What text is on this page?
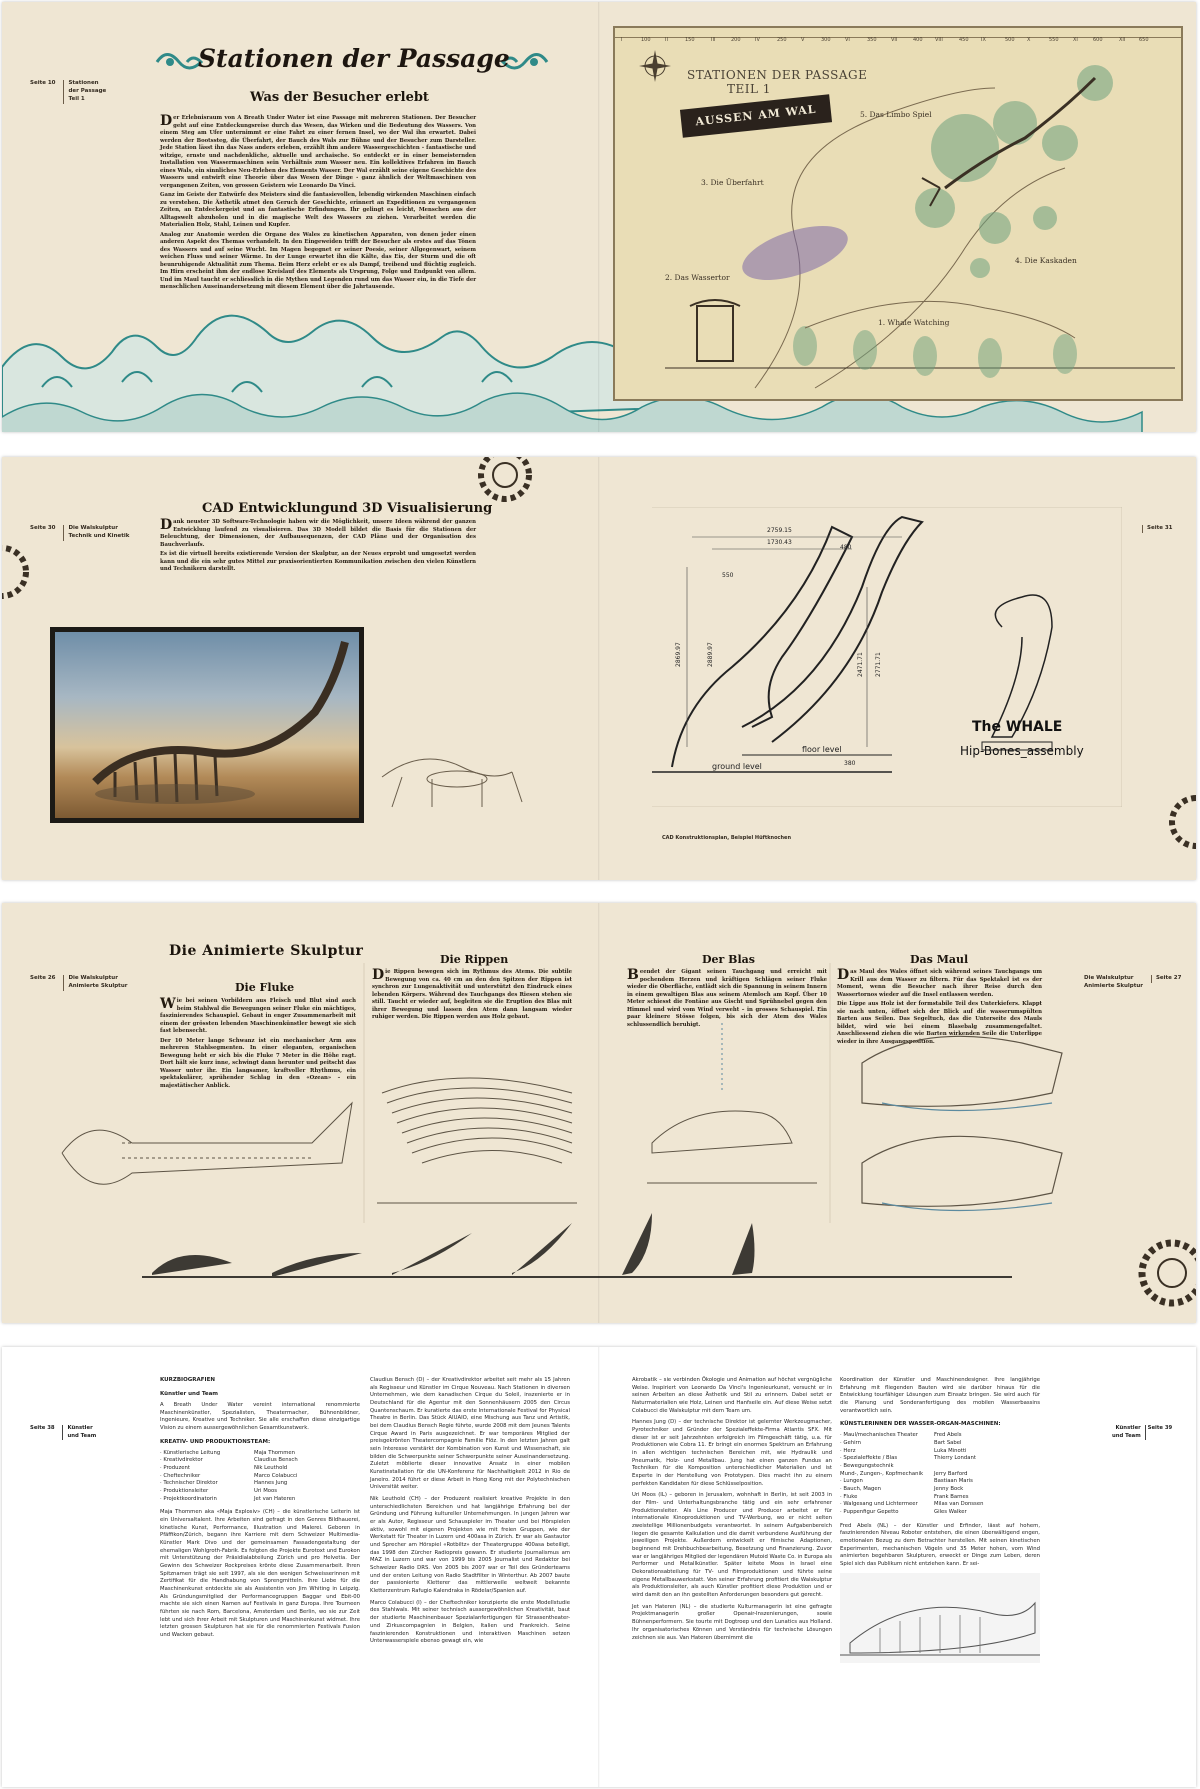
Seite 10 Stationen
der Passage
Teil 1
Stationen der Passage
Was der Besucher erlebt

Der Erlebnisraum von A Breath Under Water ist eine Passage mit mehreren Stationen. Der Besucher geht auf eine Entdeckungsreise durch das Wesen, das Wirken und die Bedeutung des Wassers. Von einem Steg am Ufer unternimmt er eine Fahrt zu einer fernen Insel, wo der Wal ihn erwartet. Dabei werden der Bootssteg, die Überfahrt, der Bauch des Wals zur Bühne und der Besucher zum Darsteller. Jede Station lässt ihn das Nass anders erleben, erzählt ihm andere Wassergeschichten - fantastische und witzige, ernste und nachdenkliche, aktuelle und archaische. So entdeckt er in einer bemeisternden Installation von Wassermaschinen sein Verhältnis zum Wasser neu. Ein kollektives Erfahren im Bauch eines Wals, ein sinnliches Neu-Erleben des Elements Wasser. Der Wal erzählt seine eigene Geschichte des Wassers und entwirft eine Theorie über das Wesen der Dinge - ganz ähnlich der Weltmaschinen von vergangenen Zeiten, von grossen Geistern wie Leonardo Da Vinci.

Ganz im Geiste der Entwürfe des Meisters sind die fantasievollen, lebendig wirkenden Maschinen einfach zu verstehen. Die Ästhetik atmet den Geruch der Geschichte, erinnert an Expeditionen zu vergangenen Zeiten, an Entdeckergeist und an fantastische Erfindungen. Ihr gelingt es leicht, Menschen aus der Alltagswelt abzuholen und in die magische Welt des Wassers zu ziehen. Verarbeitet werden die Materialien Holz, Stahl, Leinen und Kupfer.

Analog zur Anatomie werden die Organe des Wales zu kinetischen Apparaten, von denen jeder einen anderen Aspekt des Themas verhandelt. In den Eingeweiden trifft der Besucher als erstes auf das Tönen des Wassers und auf seine Wucht. Im Magen begegnet er seiner Poesie, seiner Allgegenwart, seinem weichen Fluss und seiner Wärme. In der Lunge erwartet ihn die Kälte, das Eis, der Sturm und die oft beunruhigende Aktualität zum Thema. Beim Herz erlebt er es als Dampf, treibend und flüchtig zugleich. Im Hirn erscheint ihm der endlose Kreislauf des Elements als Ursprung, Folge und Endpunkt von allem. Und im Maul taucht er schliesslich in die Mythen und Legenden rund um das Wasser ein, in die Tiefe der menschlichen Auseinandersetzung mit diesem Element über die Jahrtausende.

I	100	II	150	III	200	IV	250	V	300	VI	350	VII	400 VIII	450 IX	500 X	550	XI	600	XII	650
STATIONEN DER PASSAGE
TEIL 1
AUSSEN AM WAL
1. Whale Watching
2. Das Wassertor
3. Die Überfahrt
4. Die Kaskaden
5. Das Limbo Spiel
Seite 30 Die Walskulptur
Technik und Kinetik
Seite 31
CAD Entwicklungund 3D Visualisierung

Dank neuster 3D Software-Technologie haben wir die Möglichkeit, unsere Ideen während der ganzen Entwicklung laufend zu visualisieren. Das 3D Modell bildet die Basis für die Stationen der Beleuchtung, der Dimensionen, der Aufbausequenzen, der CAD Pläne und der Organisation des Bauchverlaufs.

Es ist die virtuell bereits existierende Version der Skulptur, an der Neues erprobt und umgesetzt werden kann und die ein sehr gutes Mittel zur praxisorientierten Kommunikation zwischen den vielen Künstlern und Technikern darstellt.

2759.15
1730.43
480
550
2869.97	2889.97	2471.71 2771.71
380
floor level
ground level
The WHALE
Hip-Bones_assembly
CAD Konstruktionsplan, Beispiel Hüftknochen
Seite 26 Die Walskulptur
Animierte Skulptur
Die Walskulptur
Animierte Skulptur Seite 27
Die Animierte Skulptur
Die Fluke

Wie bei seinen Vorbildern aus Fleisch und Blut sind auch beim Stahlwal die Bewegungen seiner Fluke ein mächtiges, faszinierendes Schauspiel. Gebaut in enger Zusammenarbeit mit einem der grössten lebenden Maschinenkünstler bewegt sie sich fast lebensecht.

Der 10 Meter lange Schwanz ist ein mechanischer Arm aus mehreren Stahlsegmenten. In einer eleganten, organischen Bewegung hebt er sich bis die Fluke 7 Meter in die Höhe ragt. Dort hält sie kurz inne, schwingt dann herunter und peitscht das Wasser unter ihr. Ein langsamer, kraftvoller Rhythmus, ein spektakulärer, sprühender Schlag in den «Ozean» – ein majestätischer Anblick.

Die Rippen

Die Rippen bewegen sich im Rythmus des Atems. Die subtile Bewegung von ca. 40 cm an den den Spitzen der Rippen ist synchron zur Lungenaktivität und unterstützt den Eindruck eines lebenden Körpers. Während des Tauchgangs des Riesen stehen sie still. Taucht er wieder auf, begleiten sie die Eruption des Blas mit ihrer Bewegung und lassen den Atem dann langsam wieder ruhiger werden. Die Rippen werden aus Holz gebaut.

Der Blas

Beendet der Gigant seinen Tauchgang und erreicht mit pochendem Herzen und kräftigen Schlägen seiner Fluke wieder die Oberfläche, entlädt sich die Spannung in seinem Innern in einem gewaltigen Blas aus seinem Atemloch am Kopf. Über 10 Meter schiesst die Fontäne aus Gischt und Sprühnebel gegen den Himmel und wird vom Wind verweht – in grosses Schauspiel. Ein paar kleinere Stösse folgen, bis sich der Atem des Wales schlussendlich beruhigt.

Das Maul

Das Maul des Wales öffnet sich während seines Tauchgangs um Krill aus dem Wasser zu filtern. Für das Spektakel ist es der Moment, wenn die Besucher nach ihrer Reise durch den Wassertornos wieder auf die Insel entlassen werden.

Die Lippe aus Holz ist der formstabile Teil des Unterkiefers. Klappt sie nach unten, öffnet sich der Blick auf die wasserumspülten Barten aus Seilen. Das Segeltuch, das die Unterseite des Mauls bildet, wird wie bei einem Blasebalg zusammengefaltet. Anschliessend ziehen die wie Barten wirkenden Seile die Unterlippe wieder in ihre Ausgangsposition.

Seite 38 Künstler
und Team
Künstler
und Team Seite 39
KURZBIOGRAFIEN
Künstler und Team

A Breath Under Water vereint international renommierte Maschinenkünstler, Spezialisten, Theatermacher, Bühnenbildner, Ingenieure, Kreative und Techniker. Sie alle erschaffen diese einzigartige Vision zu einem aussergewöhnlichen Gesamtkunstwerk.

KREATIV- UND PRODUKTIONSTEAM:
· Künstlerische Leitung	Maja Thommen
· Kreativdirektor	Claudius Bensch
· Produzent	Nik Leuthold
· Cheftechniker	Marco Colabucci
· Technischer Direktor	Hannes Jung
· Produktionsleiter	Uri Moos
· Projektkoordinatorin	Jet van Hateren

Maja Thommen aka «Maja Explosiv» (CH) – die künstlerische Leiterin ist ein Universaltalent. Ihre Arbeiten sind gefragt in den Genres Bildhauerei, kinetische Kunst, Performance, Illustration und Malerei. Geboren in Pfäffikon/Zürich, begann ihre Karriere mit dem Schweizer Multimedia-Künstler Mark Divo und der gemeinsamen Fassadengestaltung der ehemaligen Wohlgroth-Fabrik. Es folgten die Projekte Eurotoxt und Eurokon mit Unterstützung der Präsidialabteilung Zürich und pro Helvetia. Der Gewinn des Schweizer Rockpreises krönte diese Zusammenarbeit. Ihren Spitznamen trägt sie seit 1997, als sie den wenigen Schweisserinnen mit Zertifikat für die Handhabung von Sprengmitteln. Ihre Liebe für die Maschinenkunst entdeckte sie als Assistentin von Jim Whiting in Leipzig. Als Gründungsmitglied der Performancegruppen Baggar und Ebit-00 machte sie sich einen Namen auf Festivals in ganz Europa. Ihre Tourneen führten sie nach Rom, Barcelona, Amsterdam und Berlin, wo sie zur Zeit lebt und sich ihrer Arbeit mit Skulpturen und Maschinenkunst widmet. Ihre letzten grossen Skulpturen hat sie für die renommierten Festivals Fusion und Wacken gebaut.

Claudius Bensch (D) – der Kreativdirektor arbeitet seit mehr als 15 Jahren als Regisseur und Künstler im Cirque Nouveau. Nach Stationen in diversen Unternehmen, wie dem kanadischen Cirque du Soleil, inszenierte er in Deutschland für die Agentur mit den Sonnenhäusern 2005 den Circus Quantenschaum. Er kuratierte das erste Internationale Festival for Physical Theatre in Berlin. Das Stück AIUAIO, eine Mischung aus Tanz und Artistik, bei dem Claudius Bensch Regie führte, wurde 2008 mit dem Jeunes Talents Cirque Award in Paris ausgezeichnet. Er war temporäres Mitglied der preisgekrönten Theatercompagnie Familie Flöz. In den letzten Jahren galt sein Interesse verstärkt der Kombination von Kunst und Wissenschaft, sie bilden die Schwerpunkte seiner Schwerpunkte seiner Auseinandersetzung. Zuletzt möblierte dieser innovative Ansatz in einer mobilen Kunstinstallation für die UN-Konferenz für Nachhaltigkeit 2012 in Rio de Janeiro. 2014 führt er diese Arbeit in Hong Kong mit der Polytechnischen Universität weiter.

Nik Leuthold (CH) – der Produzent realisiert kreative Projekte in den unterschiedlichsten Bereichen und hat langjährige Erfahrung bei der Gründung und Führung kultureller Unternehmungen. In jungen Jahren war er als Autor, Regisseur und Schauspieler im Theater und bei Hörspielen aktiv, sowohl mit eigenen Projekten wie mit freien Gruppen, wie der Werkstatt für Theater in Luzern und 400asa in Zürich. Er war als Gastautor und Sprecher am Hörspiel «Rotbiltz» der Theatergruppe 400asa beteiligt, das 1998 den Zürcher Radiopreis gewann. Er studierte Journalismus am MAZ in Luzern und war von 1999 bis 2005 Journalist und Redaktor bei Schweizer Radio DRS. Von 2005 bis 2007 war er Teil des Gründerteams und der ersten Leitung von Radio Stadtfilter in Winterthur. Ab 2007 baute der passionierte Kletterer das mittlerweile weltweit bekannte Kletterzentrum Rafugio Kalendraka in Rödelar/Spanien auf.

Marco Colabucci (I) – der Cheftechniker konzipierte die erste Modellstudie des Stahlwals. Mit seiner technisch aussergewöhnlichen Kreativität, baut der studierte Maschinenbauer Spezialanfertigungen für Strassentheater- und Zirkuscompagnien in Belgien, Italien und Frankreich. Seine faszinierenden Konstruktionen und interaktiven Maschinen setzen Unterwasserspiele ebenso gewagt ein, wie

Akrobatik – sie verbinden Ökologie und Animation auf höchst vergnügliche Weise. Inspiriert von Leonardo Da Vinci's Ingenieurkunst, versucht er in seinen Arbeiten an diese Ästhetik und Stil zu erinnern. Dabei setzt er Naturmaterialien wie Holz, Leinen und Hanfseile ein. Auf diese Weise setzt Colabucci die Walskulptur mit dem Team um.

Hannes Jung (D) – der technische Direktor ist gelernter Werkzeugmacher, Pyrotechniker und Gründer der Spezialeffekte-Firma Atlantis SFX. Mit dieser ist er seit Jahrzehnten erfolgreich im Filmgeschäft tätig, u.a. für Produktionen wie Cobra 11. Er bringt ein enormes Spektrum an Erfahrung in allen wichtigen technischen Bereichen mit, wie Hydraulik und Pneumatik, Holz- und Metallbau. Jung hat einen ganzen Fundus an Techniken für die Komposition unterschiedlicher Materialien und ist Experte in der Herstellung von Prototypen. Dies macht ihn zu einem perfekten Kandidaten für diese Schlüsselposition.

Uri Moos (IL) – geboren in Jerusalem, wohnhaft in Berlin, ist seit 2003 in der Film- und Unterhaltungsbranche tätig und ein sehr erfahrener Produktionsleiter. Als Line Producer und Producer arbeitet er für internationale Kinoproduktionen und TV-Werbung, wo er nicht selten zweistellige Millionenbudgets verantwortet. In seinem Aufgabenbereich liegen die gesamte Kalkulation und die damit verbundene Ausführung der jeweiligen Projekte. Außerdem entwickelt er filmische Adaptionen, beginnend mit Drehbuchbearbeitung, Besetzung und Finanzierung. Zuvor war er langjähriges Mitglied der legendären Mutoid Waste Co. in Europa als Performer und Metallkünstler. Später leitete Moos in Israel eine Dekorationsabteilung für TV- und Filmproduktionen und führte seine eigene Metallbauwerkstatt. Von seiner Erfahrung profitiert die Walskulptur als Produktionsleiter, als auch Künstler profitiert diese Produktion und er wird damit den an ihn gestellten Anforderungen besonders gut gerecht.

Jet van Hateren (NL) – die studierte Kulturmanagerin ist eine gefragte Projektmanagerin großer Openair-Inszenierungen, sowie Bühnenperformern. Sie tourte mit Dogtroep und den Lunatics aus Holland. Ihr organisatorisches Können und Verständnis für technische Lösungen zeichnen sie aus. Van Hateren übernimmt die

Koordination der Künstler und Maschinendesigner. Ihre langjährige Erfahrung mit fliegenden Bauten wird sie darüber hinaus für die Entwicklung tourfähiger Lösungen zum Einsatz bringen. Sie wird auch für die Planung und Sonderanfertigung des mobilen Wasserbassins verantwortlich sein.

KÜNSTLERINNEN DER WASSER-ORGAN-MASCHINEN:
· Maul/mechanisches Theater	Fred Abels
· Gehirn	Bart Sabel
· Herz	Luka Minotti
· Spezialeffekte / Blas	Thierry Londant
· Bewegungstechnik
Mund-, Zungen-, Kopfmechanik	Jerry Barford
· Lungen	Bastiaan Maris
· Bauch, Magen	Jenny Bock
· Fluke	Frank Barnes
· Walgesang und Lichtermeer	Milas van Donssen
· Puppenfigur Gepetto	Giles Walker

Fred Abels (NL) – der Künstler und Erfinder, lässt auf hohem, faszinierenden Niveau Roboter entstehen, die einen überwältigend engen, emotionalen Bezug zu dem Betrachter herstellen. Mit seinen kinetischen Experimenten, mechanischen Vögeln und 35 Meter hohen, vom Wind animierten begehbaren Skulpturen, erweckt er Dinge zum Leben, deren Spiel sich das Publikum nicht entziehen kann. Er sei-
